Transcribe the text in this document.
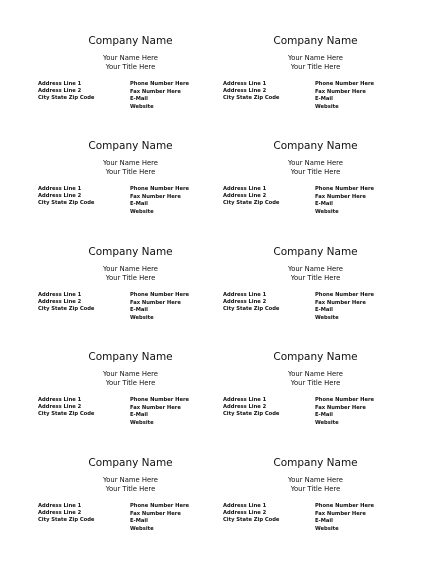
Company Name
Your Name Here
Your Title Here
Address Line 1
Address Line 2
City State Zip Code
Phone Number Here
Fax Number Here
E-Mail
Website
Company Name
Your Name Here
Your Title Here
Address Line 1
Address Line 2
City State Zip Code
Phone Number Here
Fax Number Here
E-Mail
Website
Company Name
Your Name Here
Your Title Here
Address Line 1
Address Line 2
City State Zip Code
Phone Number Here
Fax Number Here
E-Mail
Website
Company Name
Your Name Here
Your Title Here
Address Line 1
Address Line 2
City State Zip Code
Phone Number Here
Fax Number Here
E-Mail
Website
Company Name
Your Name Here
Your Title Here
Address Line 1
Address Line 2
City State Zip Code
Phone Number Here
Fax Number Here
E-Mail
Website
Company Name
Your Name Here
Your Title Here
Address Line 1
Address Line 2
City State Zip Code
Phone Number Here
Fax Number Here
E-Mail
Website
Company Name
Your Name Here
Your Title Here
Address Line 1
Address Line 2
City State Zip Code
Phone Number Here
Fax Number Here
E-Mail
Website
Company Name
Your Name Here
Your Title Here
Address Line 1
Address Line 2
City State Zip Code
Phone Number Here
Fax Number Here
E-Mail
Website
Company Name
Your Name Here
Your Title Here
Address Line 1
Address Line 2
City State Zip Code
Phone Number Here
Fax Number Here
E-Mail
Website
Company Name
Your Name Here
Your Title Here
Address Line 1
Address Line 2
City State Zip Code
Phone Number Here
Fax Number Here
E-Mail
Website
